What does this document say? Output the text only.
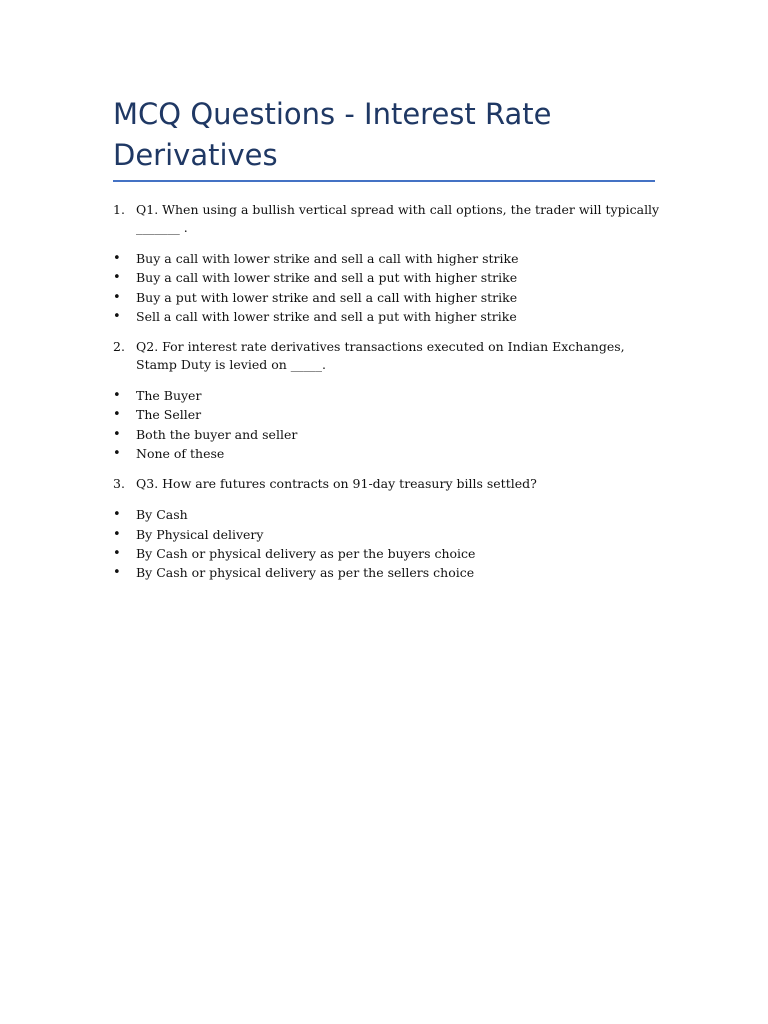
MCQ Questions - Interest Rate Derivatives
1. Q1. When using a bullish vertical spread with call options, the trader will typically _______ .
• Buy a call with lower strike and sell a call with higher strike
• Buy a call with lower strike and sell a put with higher strike
• Buy a put with lower strike and sell a call with higher strike
• Sell a call with lower strike and sell a put with higher strike
2. Q2. For interest rate derivatives transactions executed on Indian Exchanges, Stamp Duty is levied on _____.
• The Buyer
• The Seller
• Both the buyer and seller
• None of these
3. Q3. How are futures contracts on 91-day treasury bills settled?
• By Cash
• By Physical delivery
• By Cash or physical delivery as per the buyers choice
• By Cash or physical delivery as per the sellers choice
